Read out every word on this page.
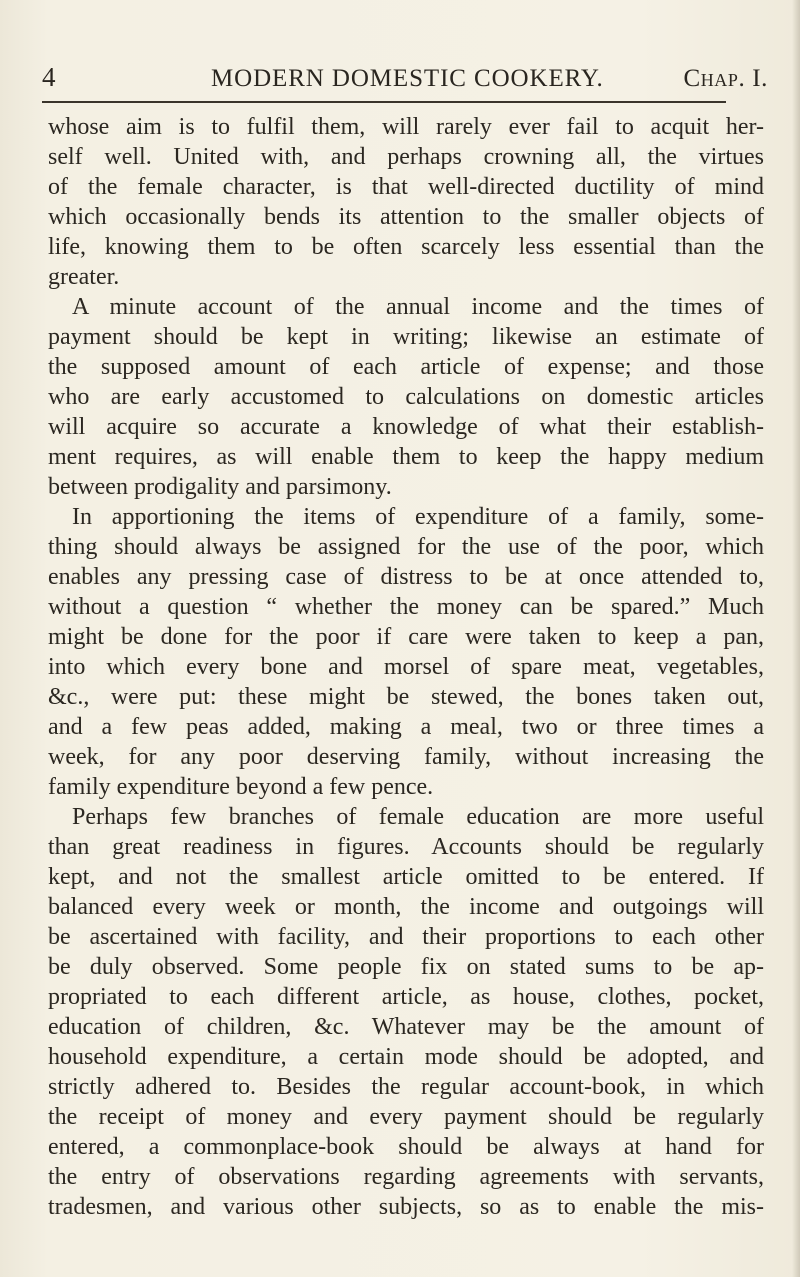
4	MODERN DOMESTIC COOKERY.	Chap. I.
whose aim is to fulfil them, will rarely ever fail to acquit her-
self well. United with, and perhaps crowning all, the virtues
of the female character, is that well-directed ductility of mind
which occasionally bends its attention to the smaller objects of
life, knowing them to be often scarcely less essential than the
greater.
A minute account of the annual income and the times of
payment should be kept in writing; likewise an estimate of
the supposed amount of each article of expense; and those
who are early accustomed to calculations on domestic articles
will acquire so accurate a knowledge of what their establish-
ment requires, as will enable them to keep the happy medium
between prodigality and parsimony.
In apportioning the items of expenditure of a family, some-
thing should always be assigned for the use of the poor, which
enables any pressing case of distress to be at once attended to,
without a question “ whether the money can be spared.” Much
might be done for the poor if care were taken to keep a pan,
into which every bone and morsel of spare meat, vegetables,
&c., were put: these might be stewed, the bones taken out,
and a few peas added, making a meal, two or three times a
week, for any poor deserving family, without increasing the
family expenditure beyond a few pence.
Perhaps few branches of female education are more useful
than great readiness in figures. Accounts should be regularly
kept, and not the smallest article omitted to be entered. If
balanced every week or month, the income and outgoings will
be ascertained with facility, and their proportions to each other
be duly observed. Some people fix on stated sums to be ap-
propriated to each different article, as house, clothes, pocket,
education of children, &c. Whatever may be the amount of
household expenditure, a certain mode should be adopted, and
strictly adhered to. Besides the regular account-book, in which
the receipt of money and every payment should be regularly
entered, a commonplace-book should be always at hand for
the entry of observations regarding agreements with servants,
tradesmen, and various other subjects, so as to enable the mis-
